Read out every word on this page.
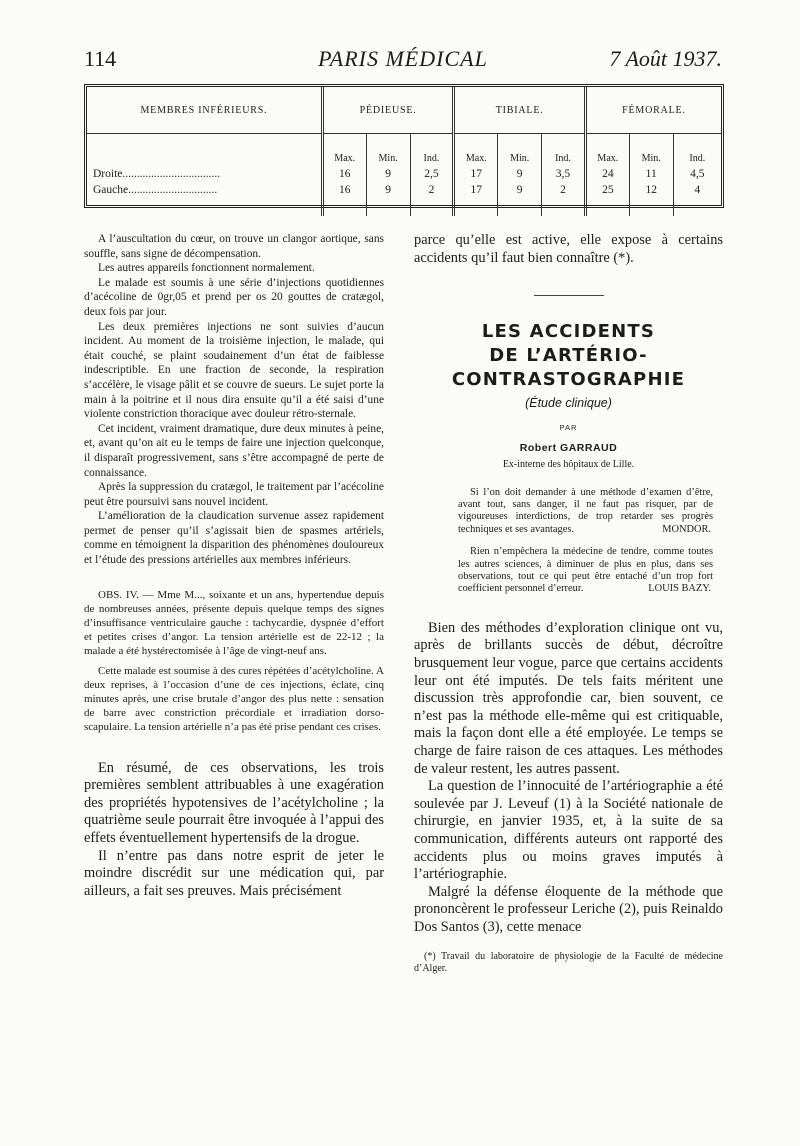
114	PARIS MÉDICAL	7 Août 1937.
MEMBRES INFÉRIEURS.	PÉDIEUSE.			TIBIALE.			FÉMORALE.		
	Max.	Min.	Ind.	Max.	Min.	Ind.	Max.	Min.	Ind.
Droite..................................	16	9	2,5	17	9	3,5	24	11	4,5
Gauche...............................	16	9	2	17	9	2	25	12	4

A l’auscultation du cœur, on trouve un clangor aortique, sans souffle, sans signe de décompensation.

Les autres appareils fonctionnent normalement.

Le malade est soumis à une série d’injections quotidiennes d’acécoline de 0gr,05 et prend per os 20 gouttes de cratægol, deux fois par jour.

Les deux premières injections ne sont suivies d’aucun incident. Au moment de la troisième injection, le malade, qui était couché, se plaint soudainement d’un état de faiblesse indescriptible. En une fraction de seconde, la respiration s’accélère, le visage pâlit et se couvre de sueurs. Le sujet porte la main à la poitrine et il nous dira ensuite qu’il a été saisi d’une violente constriction thoracique avec douleur rétro-sternale.

Cet incident, vraiment dramatique, dure deux minutes à peine, et, avant qu’on ait eu le temps de faire une injection quelconque, il disparaît progressivement, sans s’être accompagné de perte de connaissance.

Après la suppression du cratægol, le traitement par l’acécoline peut être poursuivi sans nouvel incident.

L’amélioration de la claudication survenue assez rapidement permet de penser qu’il s’agissait bien de spasmes artériels, comme en témoignent la disparition des phénomènes douloureux et l’étude des pressions artérielles aux membres inférieurs.

OBS. IV. — Mme M..., soixante et un ans, hypertendue depuis de nombreuses années, présente depuis quelque temps des signes d’insuffisance ventriculaire gauche : tachycardie, dyspnée d’effort et petites crises d’angor. La tension artérielle est de 22-12 ; la malade a été hystérectomisée à l’âge de vingt-neuf ans.

Cette malade est soumise à des cures répétées d’acétylcholine. A deux reprises, à l’occasion d’une de ces injections, éclate, cinq minutes après, une crise brutale d’angor des plus nette : sensation de barre avec constriction précordiale et irradiation dorso-scapulaire. La tension artérielle n’a pas été prise pendant ces crises.

En résumé, de ces observations, les trois premières semblent attribuables à une exagération des propriétés hypotensives de l’acétylcholine ; la quatrième seule pourrait être invoquée à l’appui des effets éventuellement hypertensifs de la drogue.

Il n’entre pas dans notre esprit de jeter le moindre discrédit sur une médication qui, par ailleurs, a fait ses preuves. Mais précisément

parce qu’elle est active, elle expose à certains accidents qu’il faut bien connaître (*).

LES ACCIDENTS
DE L’ARTÉRIO-
CONTRASTOGRAPHIE
(Étude clinique)
PAR
Robert GARRAUD
Ex-interne des hôpitaux de Lille.

Si l’on doit demander à une méthode d’examen d’être, avant tout, sans danger, il ne faut pas risquer, par de vigoureuses interdictions, de trop retarder ses progrès techniques et ses avantages.	MONDOR.

Rien n’empêchera la médecine de tendre, comme toutes les autres sciences, à diminuer de plus en plus, dans ses observations, tout ce qui peut être entaché d’un trop fort coefficient personnel d’erreur.	LOUIS BAZY.

Bien des méthodes d’exploration clinique ont vu, après de brillants succès de début, décroître brusquement leur vogue, parce que certains accidents leur ont été imputés. De tels faits méritent une discussion très approfondie car, bien souvent, ce n’est pas la méthode elle-même qui est critiquable, mais la façon dont elle a été employée. Le temps se charge de faire raison de ces attaques. Les méthodes de valeur restent, les autres passent.

La question de l’innocuité de l’artériographie a été soulevée par J. Leveuf (1) à la Société nationale de chirurgie, en janvier 1935, et, à la suite de sa communication, différents auteurs ont rapporté des accidents plus ou moins graves imputés à l’artériographie.

Malgré la défense éloquente de la méthode que prononcèrent le professeur Leriche (2), puis Reinaldo Dos Santos (3), cette menace

(*) Travail du laboratoire de physiologie de la Faculté de médecine d’Alger.
